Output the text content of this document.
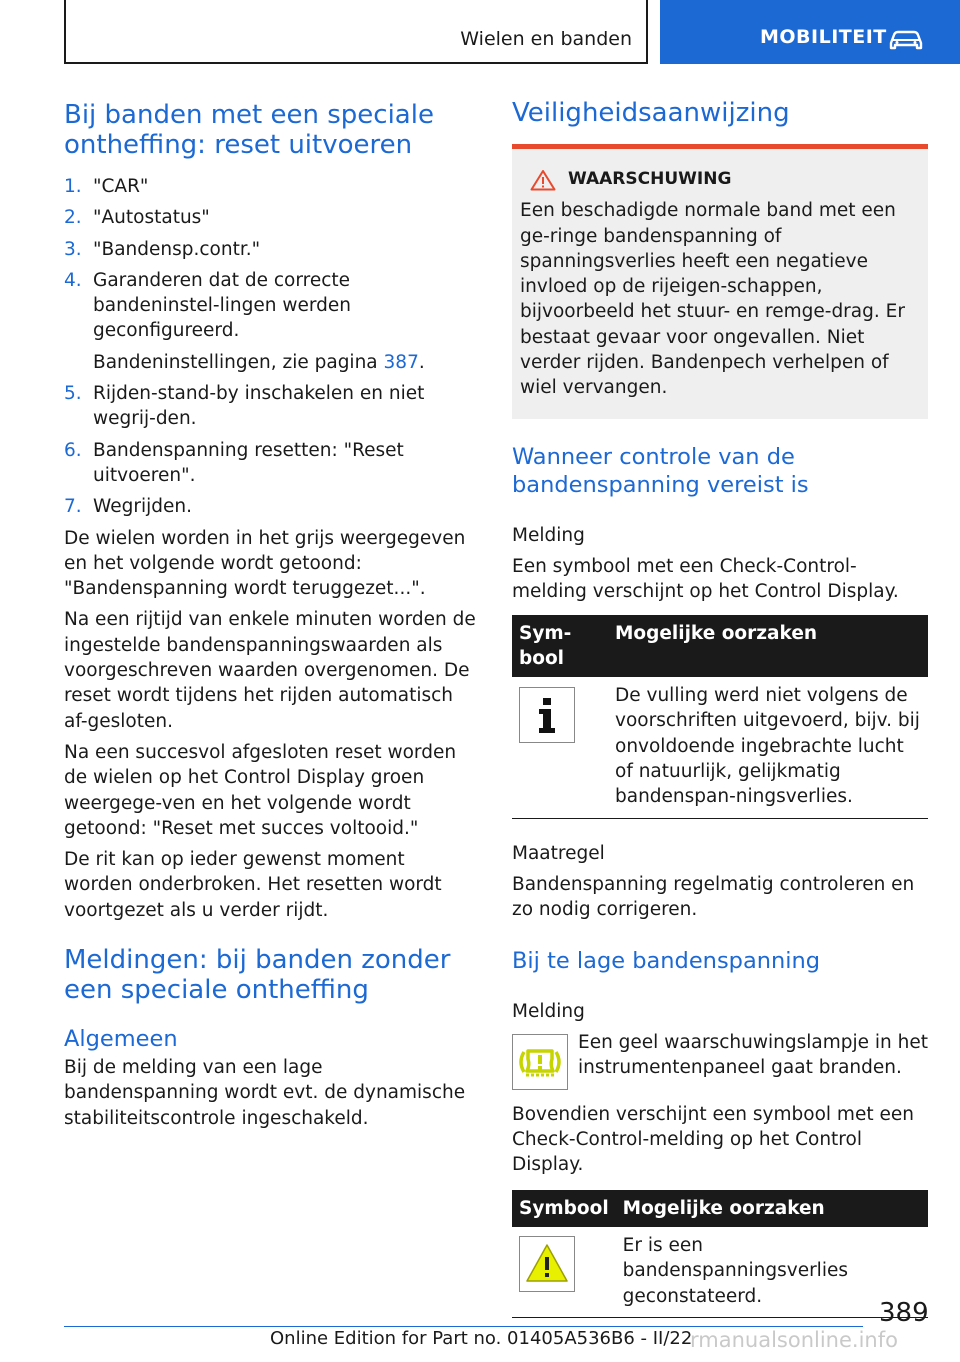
Wielen en banden	MOBILITEIT
Bij banden met een speciale ontheffing: reset uitvoeren
1. "CAR"
2. "Autostatus"
3. "Bandensp.contr."
4. Garanderen dat de correcte bandeninstel-lingen werden geconfigureerd.
Bandeninstellingen, zie pagina 387.
5. Rijden-stand-by inschakelen en niet wegrij-den.
6. Bandenspanning resetten: "Reset uitvoeren".
7. Wegrijden.

De wielen worden in het grijs weergegeven en het volgende wordt getoond: "Bandenspanning wordt teruggezet...".

Na een rijtijd van enkele minuten worden de ingestelde bandenspanningswaarden als voorgeschreven waarden overgenomen. De reset wordt tijdens het rijden automatisch af-gesloten.

Na een succesvol afgesloten reset worden de wielen op het Control Display groen weergege-ven en het volgende wordt getoond: "Reset met succes voltooid."

De rit kan op ieder gewenst moment worden onderbroken. Het resetten wordt voortgezet als u verder rijdt.

Meldingen: bij banden zonder een speciale ontheffing
Algemeen

Bij de melding van een lage bandenspanning wordt evt. de dynamische stabiliteitscontrole ingeschakeld.

Veiligheidsaanwijzing
WAARSCHUWING
Een beschadigde normale band met een ge-ringe bandenspanning of spanningsverlies heeft een negatieve invloed op de rijeigen-schappen, bijvoorbeeld het stuur- en remge-drag. Er bestaat gevaar voor ongevallen. Niet verder rijden. Bandenpech verhelpen of wiel vervangen.
Wanneer controle van de bandenspanning vereist is

Melding

Een symbool met een Check-Control-melding verschijnt op het Control Display.

Sym-bool	Mogelijke oorzaken
	De vulling werd niet volgens de voorschriften uitgevoerd, bijv. bij onvoldoende ingebrachte lucht of natuurlijk, gelijkmatig bandenspan-ningsverlies.

Maatregel

Bandenspanning regelmatig controleren en zo nodig corrigeren.

Bij te lage bandenspanning

Melding

Een geel waarschuwingslampje in het instrumentenpaneel gaat branden.

Bovendien verschijnt een symbool met een Check-Control-melding op het Control Display.

Symbool	Mogelijke oorzaken
	Er is een bandenspanningsverlies geconstateerd.
389
Online Edition for Part no. 01405A536B6 - II/22
rmanualsonline.info
